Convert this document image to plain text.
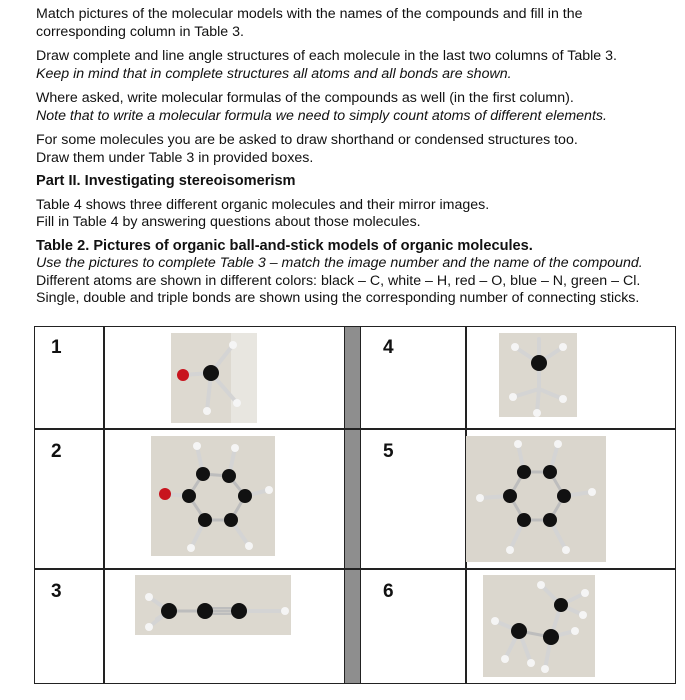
Match pictures of the molecular models with the names of the compounds and fill in the
corresponding column in Table 3.
Draw complete and line angle structures of each molecule in the last two columns of Table 3.
Keep in mind that in complete structures all atoms and all bonds are shown.
Where asked, write molecular formulas of the compounds as well (in the first column).
Note that to write a molecular formula we need to simply count atoms of different elements.
For some molecules you are be asked to draw shorthand or condensed structures too.
Draw them under Table 3 in provided boxes.
Part II. Investigating stereoisomerism
Table 4 shows three different organic molecules and their mirror images.
Fill in Table 4 by answering questions about those molecules.
Table 2. Pictures of organic ball-and-stick models of organic molecules.
Use the pictures to complete Table 3 – match the image number and the name of the compound.
Different atoms are shown in different colors: black – C, white – H, red – O, blue – N, green – Cl.
Single, double and triple bonds are shown using the corresponding number of connecting sticks.
1	4
2	5
3	6
